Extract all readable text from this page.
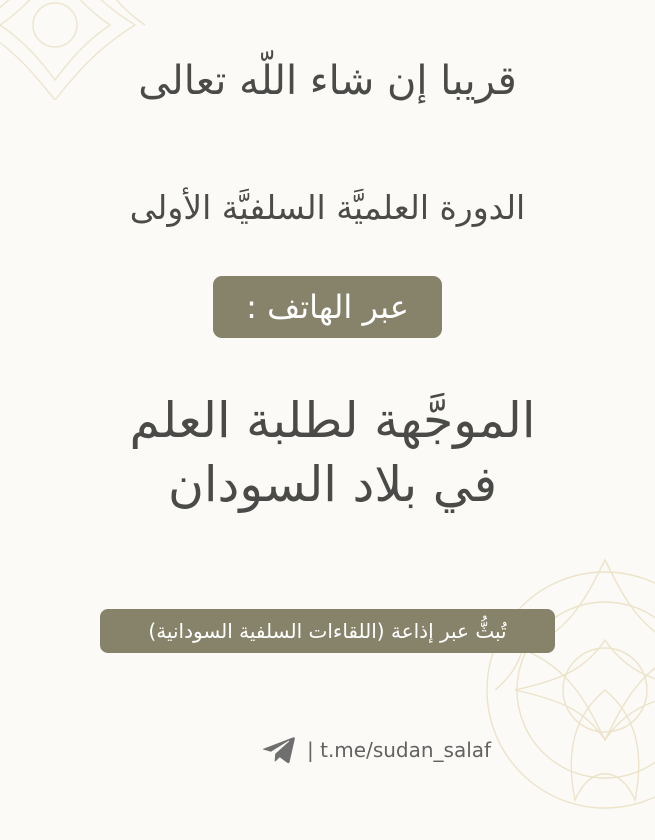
قريبا إن شاء اللّه تعالى
الدورة العلميَّة السلفيَّة الأولى
عبر الهاتف :
الموجَّهة لطلبة العلم
في بلاد السودان
تُبثُّ عبر إذاعة (اللقاءات السلفية السودانية)
| t.me/sudan_salaf
